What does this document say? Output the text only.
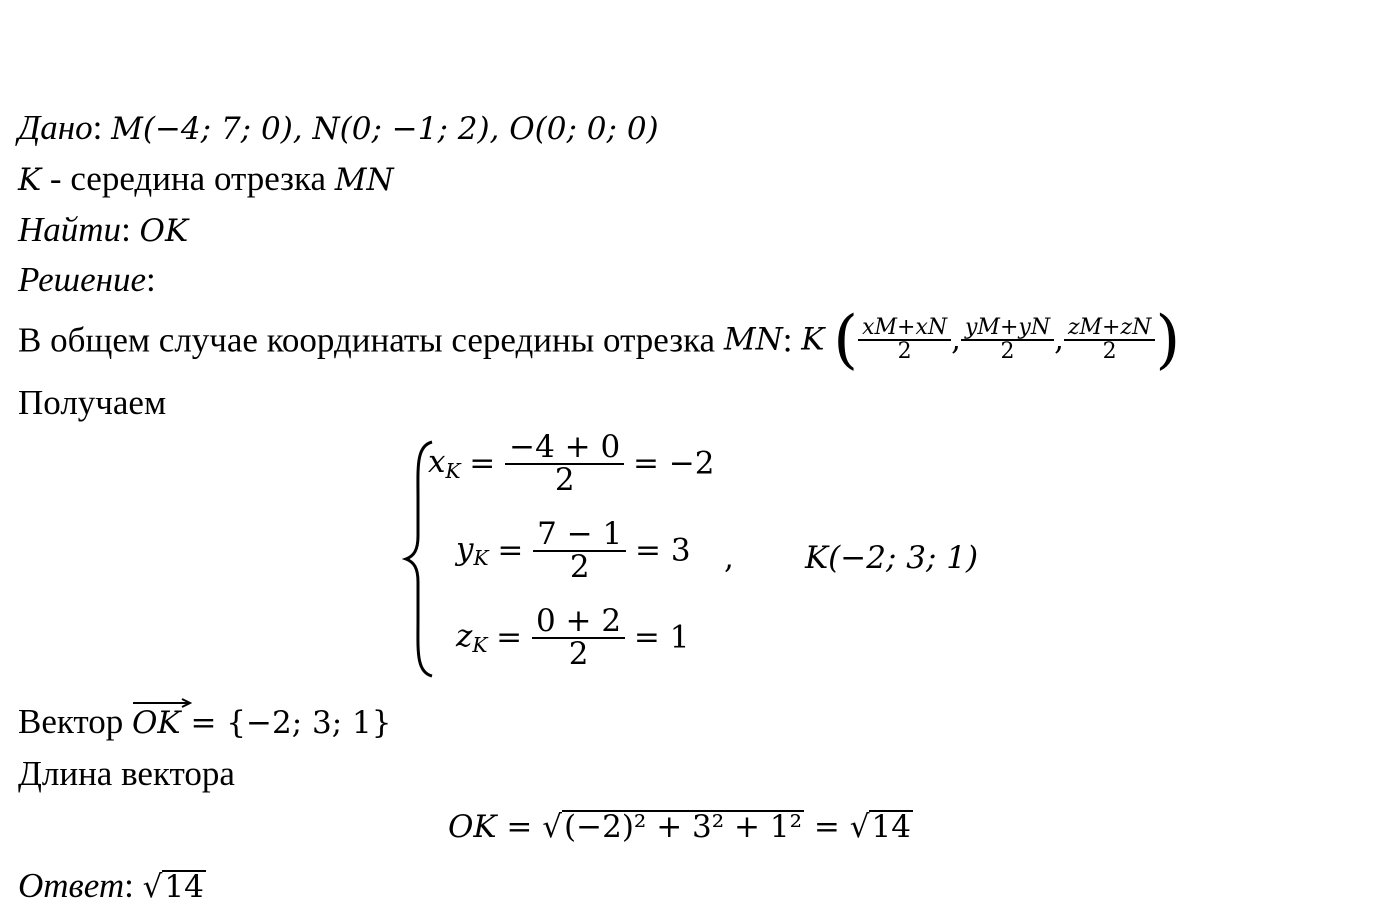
Дано: M(−4; 7; 0), N(0; −1; 2), O(0; 0; 0)
K - середина отрезка MN
Найти: OK
Решение:
В общем случае координаты середины отрезка MN: K ( $\frac{xM+xN}{2}$ , $\frac{yM+yN}{2}$ , $\frac{zM+zN}{2}$ )
Получаем
$x_K = \frac{-4 + 0}{2} = -2$
$y_K = \frac{7 - 1}{2} = 3$
$z_K = \frac{0 + 2}{2} = 1$
, K(−2; 3; 1)
Вектор
OK = {−2; 3; 1}
Длина вектора
OK = √(−2)² + 3² + 1² = √14
Ответ: √14
